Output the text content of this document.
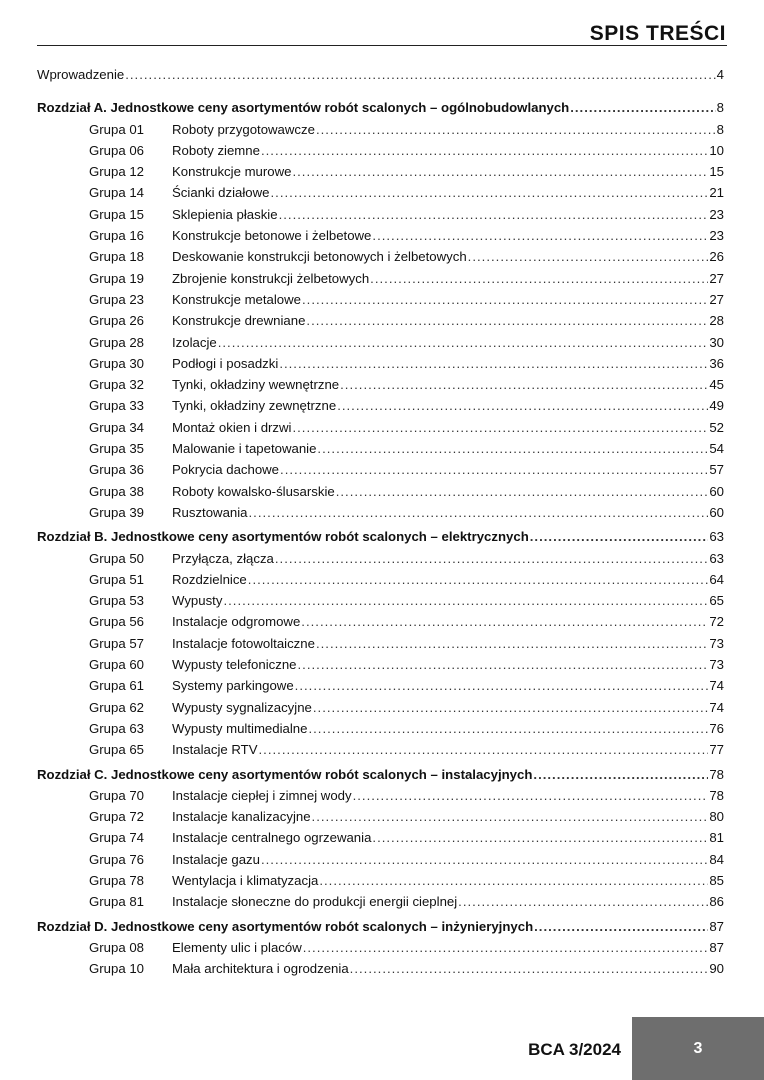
SPIS TREŚCI
Wprowadzenie .....	4
Rozdział A. Jednostkowe ceny asortymentów robót scalonych – ogólnobudowlanych .....	8
Grupa 01	Roboty przygotowawcze .....	8
Grupa 06	Roboty ziemne .....	10
Grupa 12	Konstrukcje murowe .....	15
Grupa 14	Ścianki działowe .....	21
Grupa 15	Sklepienia płaskie .....	23
Grupa 16	Konstrukcje betonowe i żelbetowe .....	23
Grupa 18	Deskowanie konstrukcji betonowych i żelbetowych .....	26
Grupa 19	Zbrojenie konstrukcji żelbetowych .....	27
Grupa 23	Konstrukcje metalowe .....	27
Grupa 26	Konstrukcje drewniane .....	28
Grupa 28	Izolacje .....	30
Grupa 30	Podłogi i posadzki .....	36
Grupa 32	Tynki, okładziny wewnętrzne .....	45
Grupa 33	Tynki, okładziny zewnętrzne .....	49
Grupa 34	Montaż okien i drzwi .....	52
Grupa 35	Malowanie i tapetowanie .....	54
Grupa 36	Pokrycia dachowe .....	57
Grupa 38	Roboty kowalsko-ślusarskie .....	60
Grupa 39	Rusztowania .....	60
Rozdział B. Jednostkowe ceny asortymentów robót scalonych – elektrycznych .....	63
Grupa 50	Przyłącza, złącza .....	63
Grupa 51	Rozdzielnice .....	64
Grupa 53	Wypusty .....	65
Grupa 56	Instalacje odgromowe .....	72
Grupa 57	Instalacje fotowoltaiczne .....	73
Grupa 60	Wypusty telefoniczne .....	73
Grupa 61	Systemy parkingowe .....	74
Grupa 62	Wypusty sygnalizacyjne .....	74
Grupa 63	Wypusty multimedialne .....	76
Grupa 65	Instalacje RTV .....	77
Rozdział C. Jednostkowe ceny asortymentów robót scalonych – instalacyjnych .....	78
Grupa 70	Instalacje ciepłej i zimnej wody .....	78
Grupa 72	Instalacje kanalizacyjne .....	80
Grupa 74	Instalacje centralnego ogrzewania .....	81
Grupa 76	Instalacje gazu .....	84
Grupa 78	Wentylacja i klimatyzacja .....	85
Grupa 81	Instalacje słoneczne do produkcji energii cieplnej .....	86
Rozdział D. Jednostkowe ceny asortymentów robót scalonych – inżynieryjnych .....	87
Grupa 08	Elementy ulic i placów .....	87
Grupa 10	Mała architektura i ogrodzenia .....	90
BCA 3/2024	3
